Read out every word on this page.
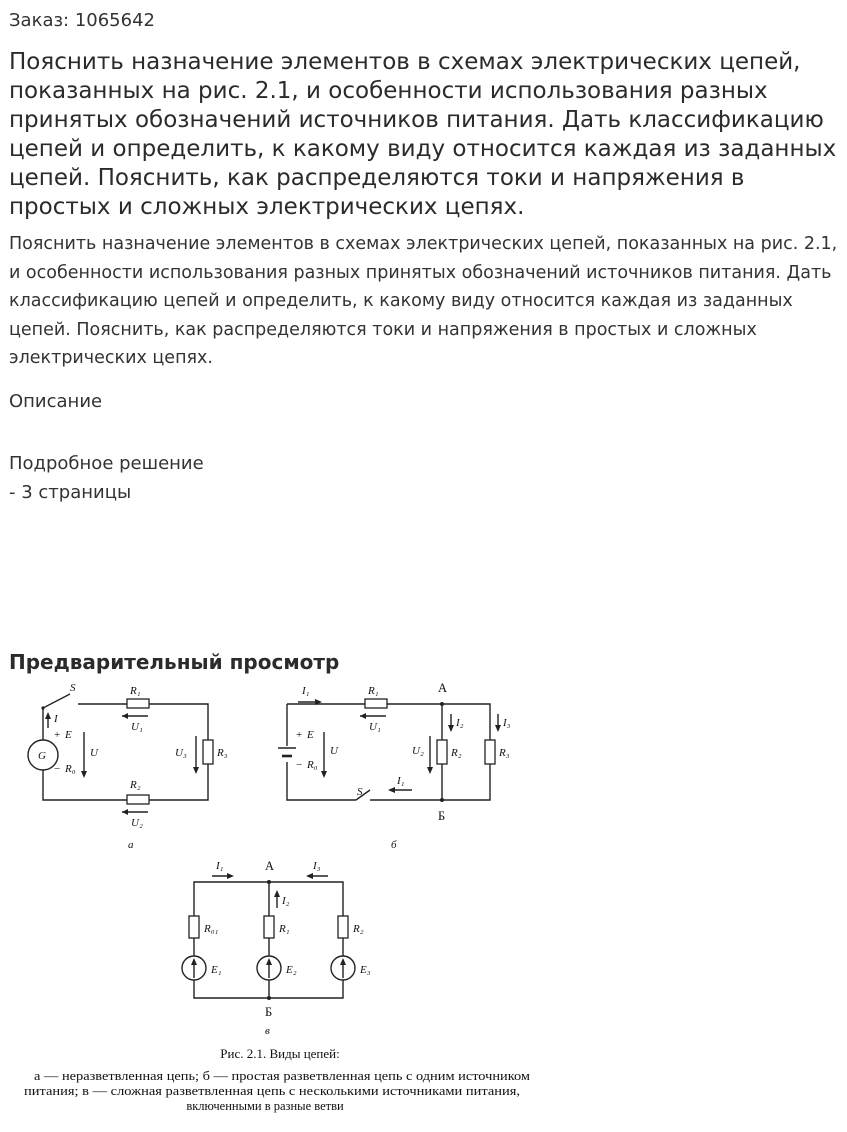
Заказ: 1065642
Пояснить назначение элементов в схемах электрических цепей, показанных на рис. 2.1, и особенности использования разных принятых обозначений источников питания. Дать классификацию цепей и определить, к какому виду относится каждая из заданных цепей. Пояснить, как распределяются токи и напряжения в простых и сложных электрических цепях.

Пояснить назначение элементов в схемах электрических цепей, показанных на рис. 2.1, и особенности использования разных принятых обозначений источников питания. Дать классификацию цепей и определить, к какому виду относится каждая из заданных цепей. Пояснить, как распределяются токи и напряжения в простых и сложных электрических цепях.

Описание
Подробное решение
- 3 страницы
Предварительный просмотр
G
S	R₁
U₁
I
+ E
− R₀
U	U₃	R₃
R₂
U₂
а
I₁	R₁
U₁
А
+ E
− R₀
U	U₂ R₂
I₂
R₃
I₃
S
I₁
Б
б
I₁	А	I₃
I₂
R₀₁	R₁	R₂
E₁	E₂	E₃
Б
в
Рис. 2.1. Виды цепей:
а — неразветвленная цепь; б — простая разветвленная цепь с одним источником
питания; в — сложная разветвленная цепь с несколькими источниками питания,
включенными в разные ветви
